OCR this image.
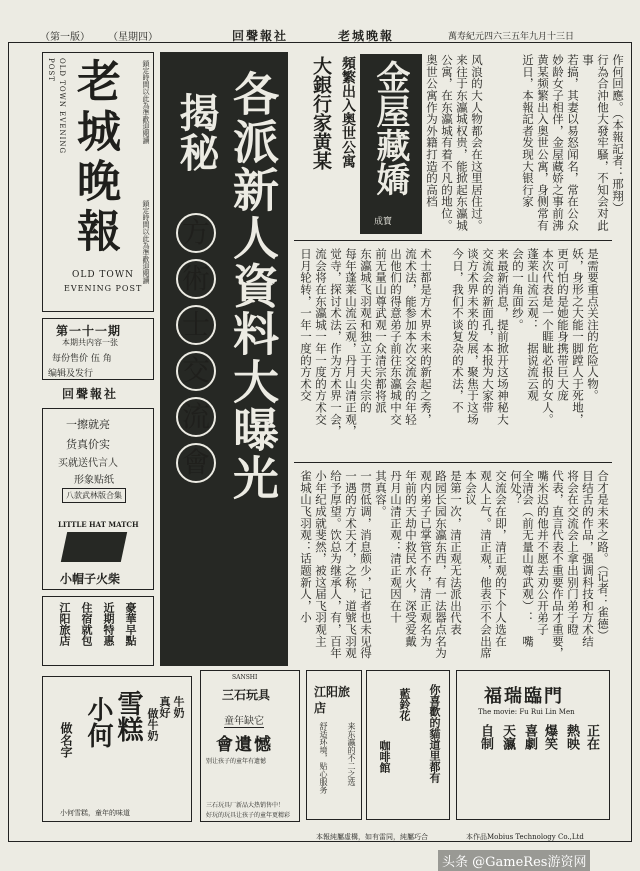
（第一版） （星期四）	回聲報社	老城晚報	萬寿紀元四六三五年九月十三日
OLD TOWN EVENING POST 老城晚報	鎖定時間以此為準歡迎閱讀
鎖定時間以此為準歡迎閱讀
OLD TOWN
EVENING POST
第一十一期
本期共内容一张
每份售价 伍 角
编辑及发行
回聲報社
一擦就亮
货真价实
买就送代言人
形象贴纸
八款武林版合集
LITTLE HAT MATCH
小帽子火柴
豪華早點
近期特惠
住宿就包
江阳旅店
各派新人資料大曝光
揭秘
方 術 士 交 流 會
大銀行家黄某 頻繁出入奥世公寓 金屋藏嬌
成寶
作何回應。（本報記者：邢翔）
行為合沖他大發牢騷，不知会对此事
若搞，其妻以易怒闻名，常在公众
妙龄女子相伴，金屋藏娇之事前沸
黄某频繁出入奥世公寓，身侧常有
近日，本報記者发现大银行家
风浪的大人物都会在这里居住过。
来往于东瀛城权贵，能掀起东瀛城
公寓，在东瀛城有着不凡的地位。
奥世公寓作为外籍打造的高档
是需要重点关注的危险人物。
妖，身形之大能一脚蹚人于死地，
更可怕的是她能身携带巨大庞
本次代表是一个睚眦必报的女人。
蓬莱山流云观：　据说流云观
会的一角面纱。
来最新消息，提前掀开这场神秘大
交流会的新面孔，本报为大家带
谈方术界未来的发展，聚焦于这场
今日，我们不谈复杂的术法，不
术士都是方术界未来的新起之秀，
流术法，能参加本次交流会的年轻
出他们的得意弟子前往东瀛城中交
前无量山尊武观一众清宗都将派
东瀛城飞羽观和独立于天尖宗的
每年蓬莱山流云观，丹月山清正观，
觉寺，探讨术法，作为方术界一会，
流会将在东瀛城一年一度的方术交
日月轮转，一年一度的方术交
合才是未来之路。（记者：雀德）
目结舌的作品，强调科技和方术结
将会在交流会上拿出别门弟子瞪
代表，直言代表不重要作品才重要，
嘴米迟的他并不愿去劝公开弟子
全清会（前无量山尊武观）：　嘴
何处？
交流会在即，清正观的下个人选在
观人上气。清正观，他表示不会出席本会议
是第一次，清正观无法派出代表
路园长园东瀛东西，有一法器点名为
观内弟子已掌管不存，清正观名为
年前的天劫中救民水火，深受爱戴
丹月山清正观：清正观因在十
其真容。
一贯低调，消息颇少，记者也未见得
一遇的方术天才，之称，道號飞羽观
给予厚望。饮总为继承人，有，百年
小年纪成就斐然，被这届飞羽观主
雀城山飞羽观：话题新人，小
做名字 小何 雪糕 做牛奶
真好 牛奶
小何雪糕，童年的味道
SANSHI
三石玩具
童年缺它
會遺憾
别让孩子的童年有遗憾
三石玩具厂新品大热销售中！
好玩的玩具让孩子的童年更精彩
江阳旅店
来东瀛的不二之选
舒适环境，贴心服务	你喜歡的貓道里都有
藍鈴花
咖啡館
福瑞臨門
The movie: Fu Rui Lin Men
正在
熱映
爆笑
喜劇
天瀛
自制
本報純屬虛構，如有雷同，純屬巧合	本作品Mobius Technology Co.,Ltd
头条 @GameRes游资网
